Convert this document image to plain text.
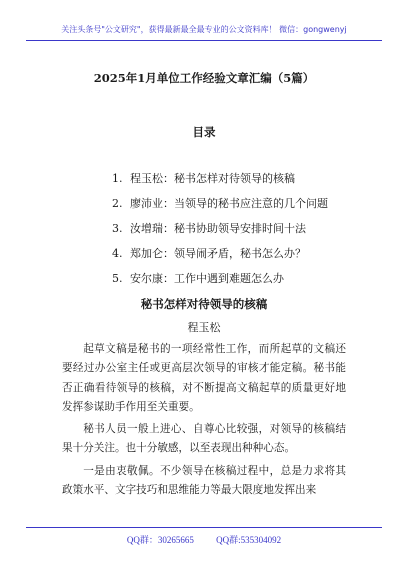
关注头条号"公文研究"，获得最新最全最专业的公文资料库！ 微信：gongwenyj
2025年1月单位工作经验文章汇编（5篇）
目录
1. 程玉松：秘书怎样对待领导的核稿
2. 廖沛业：当领导的秘书应注意的几个问题
3. 汝增瑞：秘书协助领导安排时间十法
4. 郑加仑：领导闹矛盾，秘书怎么办？
5. 安尔康：工作中遇到难题怎么办
秘书怎样对待领导的核稿
程玉松

起草文稿是秘书的一项经常性工作，而所起草的文稿还要经过办公室主任或更高层次领导的审核才能定稿。秘书能否正确看待领导的核稿，对不断提高文稿起草的质量更好地发挥参谋助手作用至关重要。

秘书人员一般上进心、自尊心比较强，对领导的核稿结果十分关注。也十分敏感，以至表现出种种心态。

一是由衷敬佩。不少领导在核稿过程中，总是力求将其政策水平、文字技巧和思维能力等最大限度地发挥出来

QQ群：30265665 QQ群:535304092
